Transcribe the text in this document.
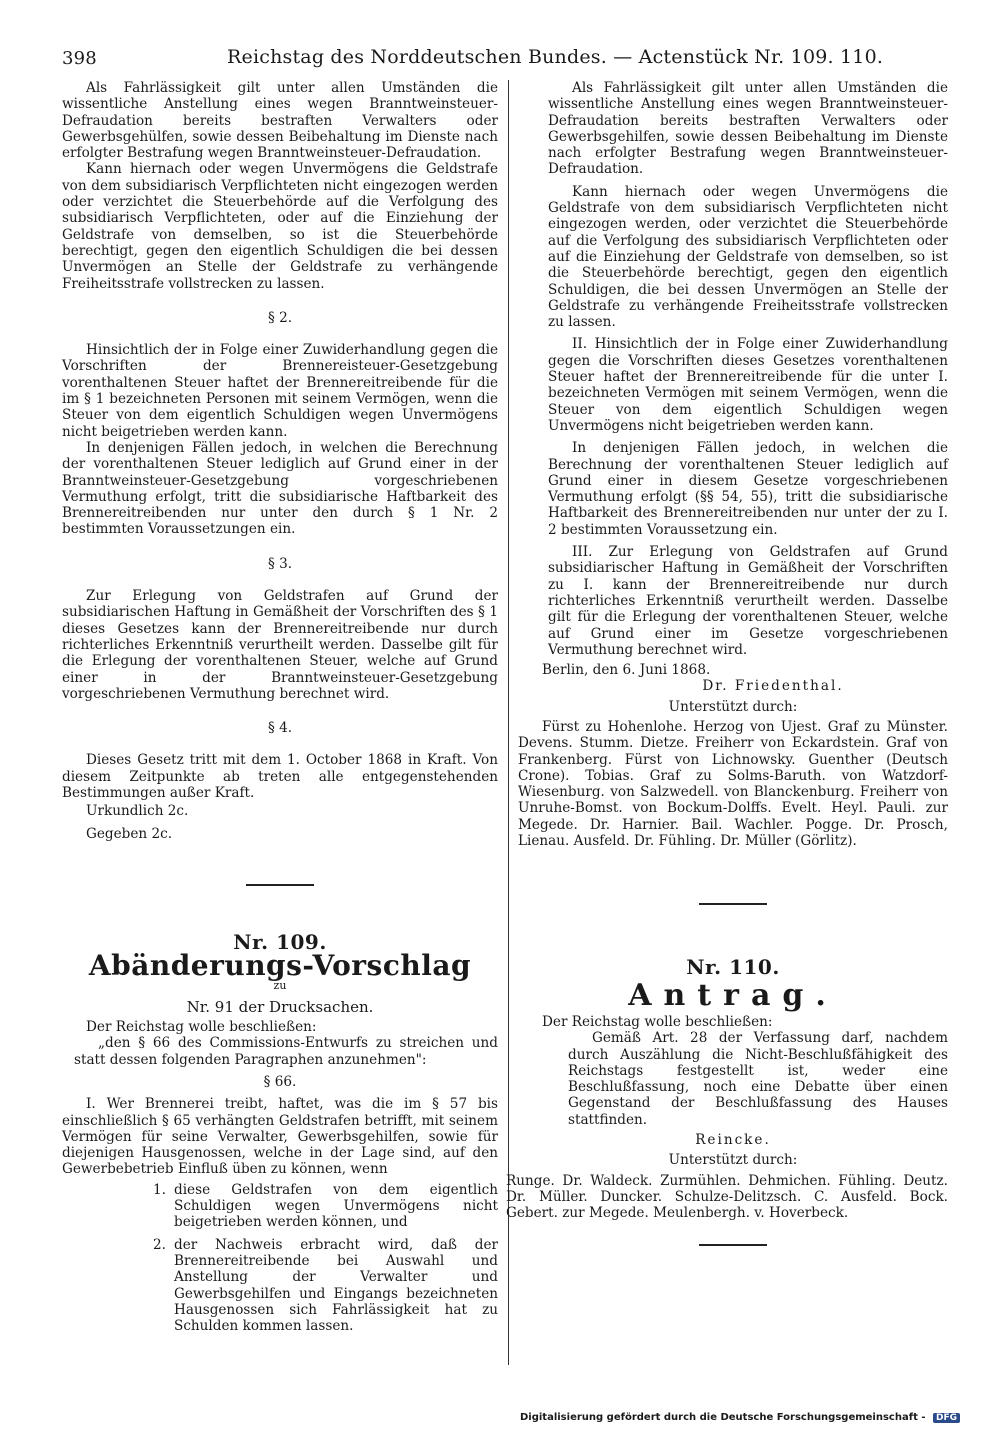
398	Reichstag des Norddeutschen Bundes. — Actenstück Nr. 109. 110.

Als Fahrlässigkeit gilt unter allen Umständen die wissentliche Anstellung eines wegen Branntweinsteuer-Defraudation bereits bestraften Verwalters oder Gewerbsgehülfen, sowie dessen Beibehaltung im Dienste nach erfolgter Bestrafung wegen Branntweinsteuer-Defraudation.

Kann hiernach oder wegen Unvermögens die Geldstrafe von dem subsidiarisch Verpflichteten nicht eingezogen werden oder verzichtet die Steuerbehörde auf die Verfolgung des subsidiarisch Verpflichteten, oder auf die Einziehung der Geldstrafe von demselben, so ist die Steuerbehörde berechtigt, gegen den eigentlich Schuldigen die bei dessen Unvermögen an Stelle der Geldstrafe zu verhängende Freiheitsstrafe vollstrecken zu lassen.

§ 2.

Hinsichtlich der in Folge einer Zuwiderhandlung gegen die Vorschriften der Brennereisteuer-Gesetzgebung vorenthaltenen Steuer haftet der Brennereitreibende für die im § 1 bezeichneten Personen mit seinem Vermögen, wenn die Steuer von dem eigentlich Schuldigen wegen Unvermögens nicht beigetrieben werden kann.

In denjenigen Fällen jedoch, in welchen die Berechnung der vorenthaltenen Steuer lediglich auf Grund einer in der Branntweinsteuer-Gesetzgebung vorgeschriebenen Vermuthung erfolgt, tritt die subsidiarische Haftbarkeit des Brennereitreibenden nur unter den durch § 1 Nr. 2 bestimmten Voraussetzungen ein.

§ 3.

Zur Erlegung von Geldstrafen auf Grund der subsidiarischen Haftung in Gemäßheit der Vorschriften des § 1 dieses Gesetzes kann der Brennereitreibende nur durch richterliches Erkenntniß verurtheilt werden. Dasselbe gilt für die Erlegung der vorenthaltenen Steuer, welche auf Grund einer in der Branntweinsteuer-Gesetzgebung vorgeschriebenen Vermuthung berechnet wird.

§ 4.

Dieses Gesetz tritt mit dem 1. October 1868 in Kraft. Von diesem Zeitpunkte ab treten alle entgegenstehenden Bestimmungen außer Kraft.

Urkundlich 2c.

Gegeben 2c.

Nr. 109.

Abänderungs-Vorschlag

zu

Nr. 91 der Drucksachen.

Der Reichstag wolle beschließen:

„den § 66 des Commissions-Entwurfs zu streichen und statt dessen folgenden Paragraphen anzunehmen":

§ 66.

I. Wer Brennerei treibt, haftet, was die im § 57 bis einschließlich § 65 verhängten Geldstrafen betrifft, mit seinem Vermögen für seine Verwalter, Gewerbsgehilfen, sowie für diejenigen Hausgenossen, welche in der Lage sind, auf den Gewerbebetrieb Einfluß üben zu können, wenn

1. diese Geldstrafen von dem eigentlich Schuldigen wegen Unvermögens nicht beigetrieben werden können, und
2. der Nachweis erbracht wird, daß der Brennereitreibende bei Auswahl und Anstellung der Verwalter und Gewerbsgehilfen und Eingangs bezeichneten Hausgenossen sich Fahrlässigkeit hat zu Schulden kommen lassen.

Als Fahrlässigkeit gilt unter allen Umständen die wissentliche Anstellung eines wegen Branntweinsteuer-Defraudation bereits bestraften Verwalters oder Gewerbsgehilfen, sowie dessen Beibehaltung im Dienste nach erfolgter Bestrafung wegen Branntweinsteuer-Defraudation.

Kann hiernach oder wegen Unvermögens die Geldstrafe von dem subsidiarisch Verpflichteten nicht eingezogen werden, oder verzichtet die Steuerbehörde auf die Verfolgung des subsidiarisch Verpflichteten oder auf die Einziehung der Geldstrafe von demselben, so ist die Steuerbehörde berechtigt, gegen den eigentlich Schuldigen, die bei dessen Unvermögen an Stelle der Geldstrafe zu verhängende Freiheitsstrafe vollstrecken zu lassen.

II. Hinsichtlich der in Folge einer Zuwiderhandlung gegen die Vorschriften dieses Gesetzes vorenthaltenen Steuer haftet der Brennereitreibende für die unter I. bezeichneten Vermögen mit seinem Vermögen, wenn die Steuer von dem eigentlich Schuldigen wegen Unvermögens nicht beigetrieben werden kann.

In denjenigen Fällen jedoch, in welchen die Berechnung der vorenthaltenen Steuer lediglich auf Grund einer in diesem Gesetze vorgeschriebenen Vermuthung erfolgt (§§ 54, 55), tritt die subsidiarische Haftbarkeit des Brennereitreibenden nur unter der zu I. 2 bestimmten Voraussetzung ein.

III. Zur Erlegung von Geldstrafen auf Grund subsidiarischer Haftung in Gemäßheit der Vorschriften zu I. kann der Brennereitreibende nur durch richterliches Erkenntniß verurtheilt werden. Dasselbe gilt für die Erlegung der vorenthaltenen Steuer, welche auf Grund einer im Gesetze vorgeschriebenen Vermuthung berechnet wird.

Berlin, den 6. Juni 1868.

Dr. Friedenthal.

Unterstützt durch:

Fürst zu Hohenlohe. Herzog von Ujest. Graf zu Münster. Devens. Stumm. Dietze. Freiherr von Eckardstein. Graf von Frankenberg. Fürst von Lichnowsky. Guenther (Deutsch Crone). Tobias. Graf zu Solms-Baruth. von Watzdorf-Wiesenburg. von Salzwedell. von Blanckenburg. Freiherr von Unruhe-Bomst. von Bockum-Dolffs. Evelt. Heyl. Pauli. zur Megede. Dr. Harnier. Bail. Wachler. Pogge. Dr. Prosch, Lienau. Ausfeld. Dr. Fühling. Dr. Müller (Görlitz).

Nr. 110.

Antrag.

Der Reichstag wolle beschließen:

Gemäß Art. 28 der Verfassung darf, nachdem durch Auszählung die Nicht-Beschlußfähigkeit des Reichstags festgestellt ist, weder eine Beschlußfassung, noch eine Debatte über einen Gegenstand der Beschlußfassung des Hauses stattfinden.

Reincke.

Unterstützt durch:

Runge. Dr. Waldeck. Zurmühlen. Dehmichen. Fühling. Deutz. Dr. Müller. Duncker. Schulze-Delitzsch. C. Ausfeld. Bock. Gebert. zur Megede. Meulenbergh. v. Hoverbeck.

Digitalisierung gefördert durch die Deutsche Forschungsgemeinschaft - DFG
